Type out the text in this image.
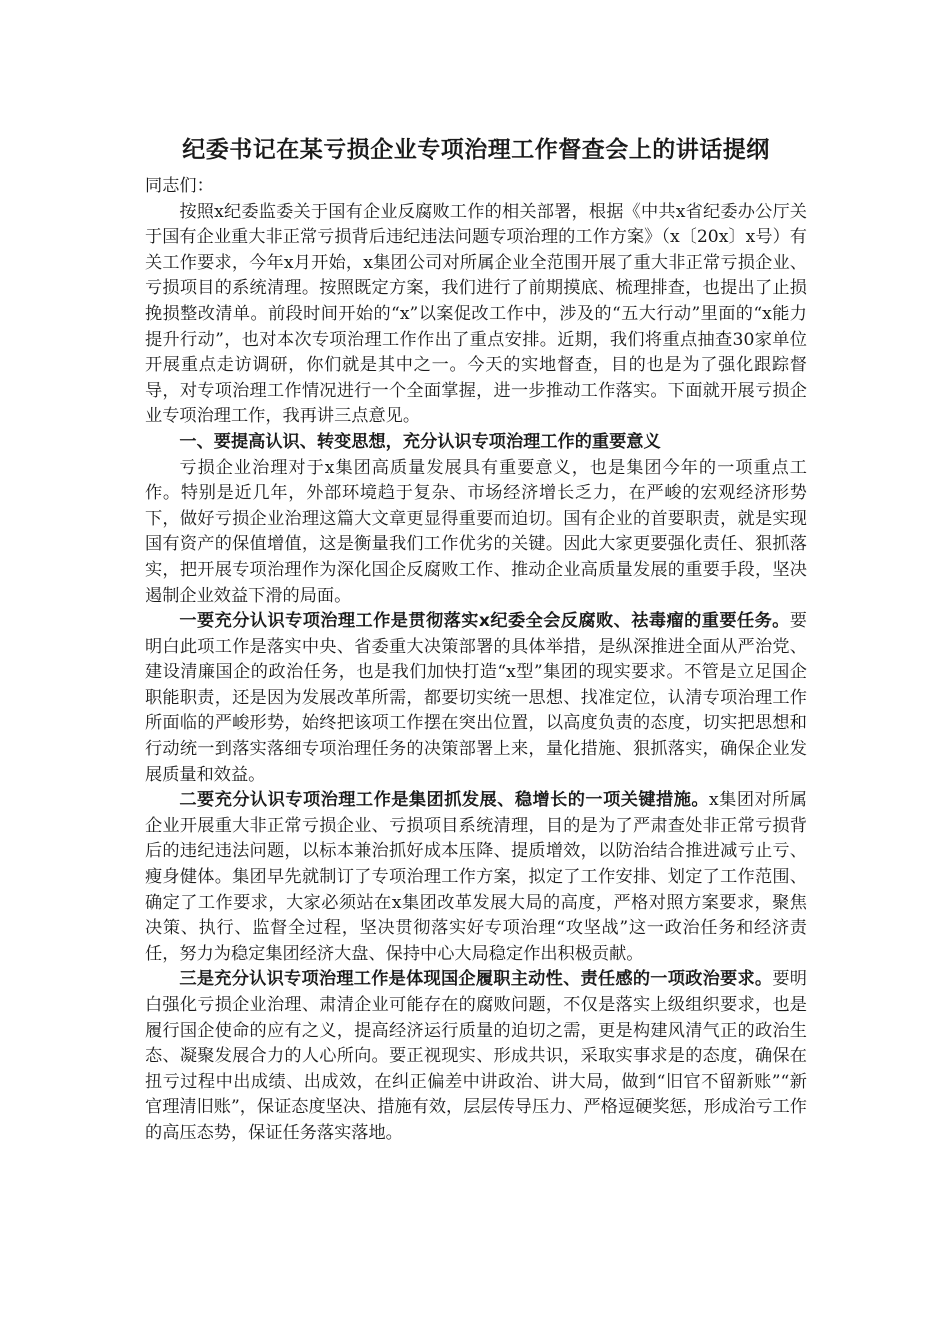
纪委书记在某亏损企业专项治理工作督查会上的讲话提纲

同志们：

按照x纪委监委关于国有企业反腐败工作的相关部署，根据《中共x省纪委办公厅关于国有企业重大非正常亏损背后违纪违法问题专项治理的工作方案》（x〔20x〕x号）有关工作要求，今年x月开始，x集团公司对所属企业全范围开展了重大非正常亏损企业、亏损项目的系统清理。按照既定方案，我们进行了前期摸底、梳理排查，也提出了止损挽损整改清单。前段时间开始的“x”以案促改工作中，涉及的“五大行动”里面的“x能力提升行动”，也对本次专项治理工作作出了重点安排。近期，我们将重点抽查30家单位开展重点走访调研，你们就是其中之一。今天的实地督查，目的也是为了强化跟踪督导，对专项治理工作情况进行一个全面掌握，进一步推动工作落实。下面就开展亏损企业专项治理工作，我再讲三点意见。

一、要提高认识、转变思想，充分认识专项治理工作的重要意义

亏损企业治理对于x集团高质量发展具有重要意义，也是集团今年的一项重点工作。特别是近几年，外部环境趋于复杂、市场经济增长乏力，在严峻的宏观经济形势下，做好亏损企业治理这篇大文章更显得重要而迫切。国有企业的首要职责，就是实现国有资产的保值增值，这是衡量我们工作优劣的关键。因此大家更要强化责任、狠抓落实，把开展专项治理作为深化国企反腐败工作、推动企业高质量发展的重要手段，坚决遏制企业效益下滑的局面。

一要充分认识专项治理工作是贯彻落实x纪委全会反腐败、祛毒瘤的重要任务。要明白此项工作是落实中央、省委重大决策部署的具体举措，是纵深推进全面从严治党、建设清廉国企的政治任务，也是我们加快打造“x型”集团的现实要求。不管是立足国企职能职责，还是因为发展改革所需，都要切实统一思想、找准定位，认清专项治理工作所面临的严峻形势，始终把该项工作摆在突出位置，以高度负责的态度，切实把思想和行动统一到落实落细专项治理任务的决策部署上来，量化措施、狠抓落实，确保企业发展质量和效益。

二要充分认识专项治理工作是集团抓发展、稳增长的一项关键措施。x集团对所属企业开展重大非正常亏损企业、亏损项目系统清理，目的是为了严肃查处非正常亏损背后的违纪违法问题，以标本兼治抓好成本压降、提质增效，以防治结合推进减亏止亏、瘦身健体。集团早先就制订了专项治理工作方案，拟定了工作安排、划定了工作范围、确定了工作要求，大家必须站在x集团改革发展大局的高度，严格对照方案要求，聚焦决策、执行、监督全过程，坚决贯彻落实好专项治理“攻坚战”这一政治任务和经济责任，努力为稳定集团经济大盘、保持中心大局稳定作出积极贡献。

三是充分认识专项治理工作是体现国企履职主动性、责任感的一项政治要求。要明白强化亏损企业治理、肃清企业可能存在的腐败问题，不仅是落实上级组织要求，也是履行国企使命的应有之义，提高经济运行质量的迫切之需，更是构建风清气正的政治生态、凝聚发展合力的人心所向。要正视现实、形成共识，采取实事求是的态度，确保在扭亏过程中出成绩、出成效，在纠正偏差中讲政治、讲大局，做到“旧官不留新账”“新官理清旧账”，保证态度坚决、措施有效，层层传导压力、严格逗硬奖惩，形成治亏工作的高压态势，保证任务落实落地。
